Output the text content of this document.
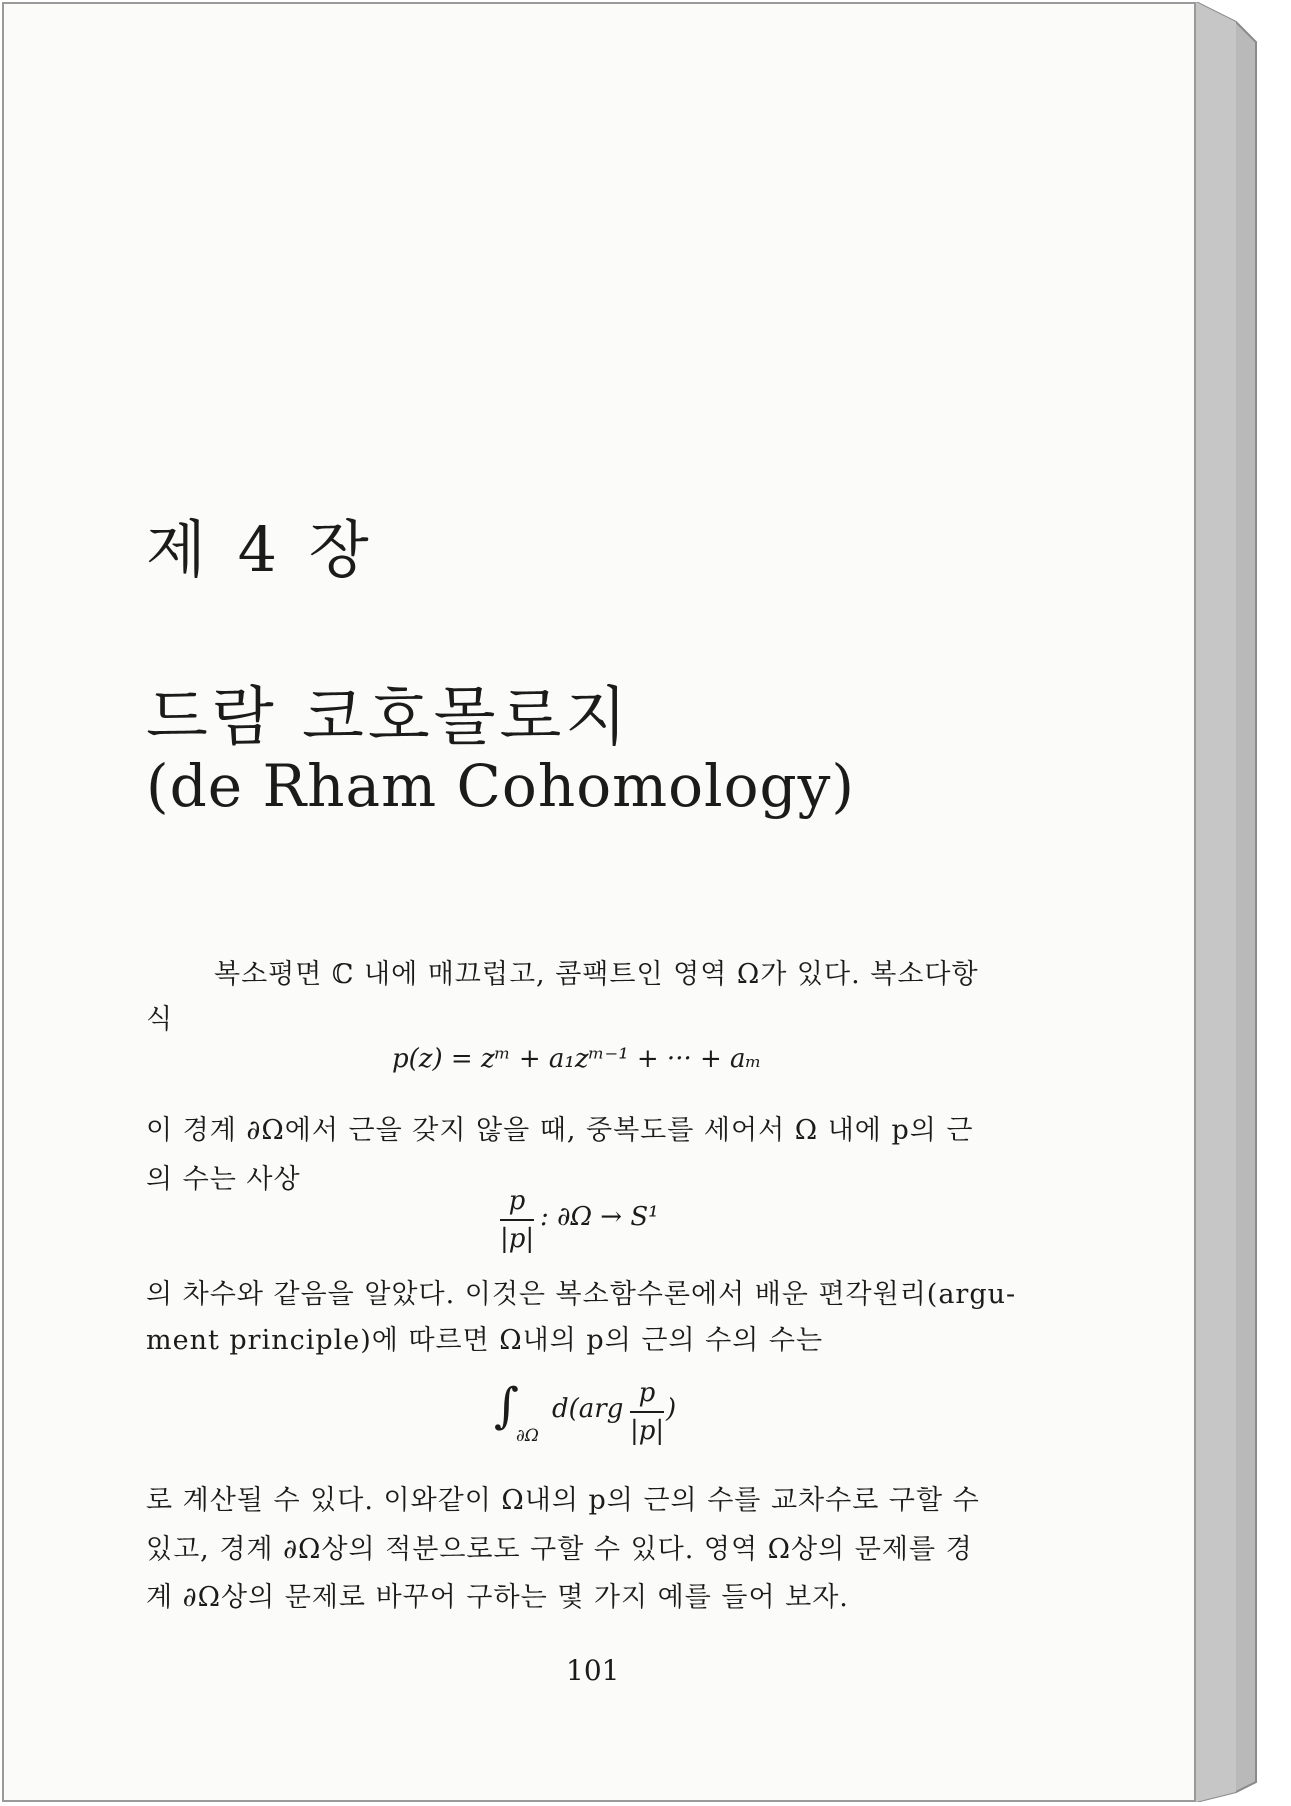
제 4 장
드람 코호몰로지
(de Rham Cohomology)
복소평면 ℂ 내에 매끄럽고, 콤팩트인 영역 Ω가 있다. 복소다항
식
p(z) = zᵐ + a₁zᵐ⁻¹ + ··· + aₘ
이 경계 ∂Ω에서 근을 갖지 않을 때, 중복도를 세어서 Ω 내에 p의 근
의 수는 사상
p
|p|
: ∂Ω → S¹
의 차수와 같음을 알았다. 이것은 복소함수론에서 배운 편각원리(argu-
ment principle)에 따르면 Ω내의 p의 근의 수의 수는
∫
∂Ω
d(arg
p
|p|
)
로 계산될 수 있다. 이와같이 Ω내의 p의 근의 수를 교차수로 구할 수
있고, 경계 ∂Ω상의 적분으로도 구할 수 있다. 영역 Ω상의 문제를 경
계 ∂Ω상의 문제로 바꾸어 구하는 몇 가지 예를 들어 보자.
101
